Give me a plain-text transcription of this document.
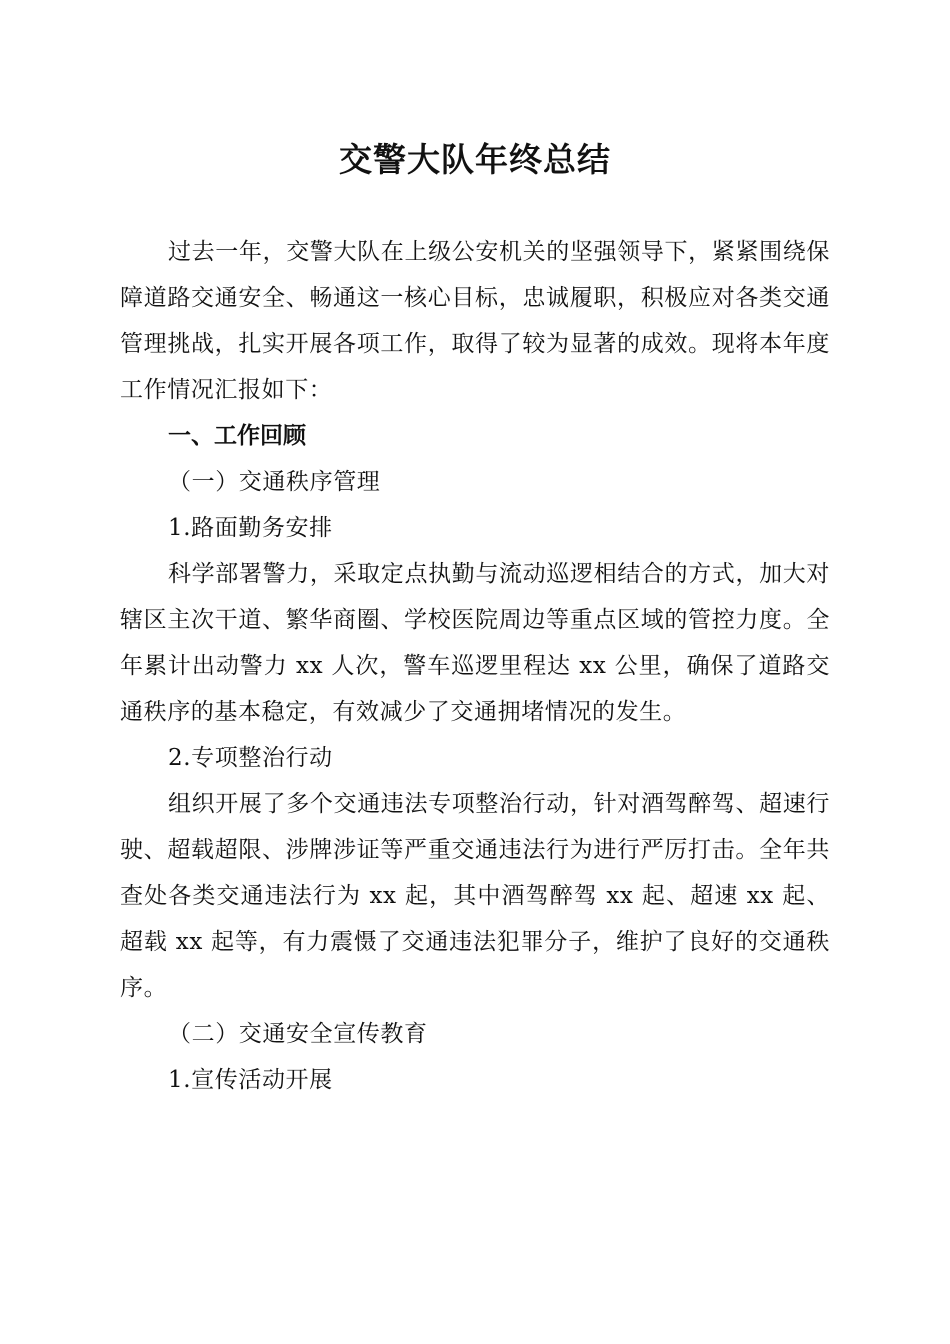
交警大队年终总结

过去一年，交警大队在上级公安机关的坚强领导下，紧紧围绕保障道路交通安全、畅通这一核心目标，忠诚履职，积极应对各类交通管理挑战，扎实开展各项工作，取得了较为显著的成效。现将本年度工作情况汇报如下：

一、工作回顾

（一）交通秩序管理

1.路面勤务安排

科学部署警力，采取定点执勤与流动巡逻相结合的方式，加大对辖区主次干道、繁华商圈、学校医院周边等重点区域的管控力度。全年累计出动警力 xx 人次，警车巡逻里程达 xx 公里，确保了道路交通秩序的基本稳定，有效减少了交通拥堵情况的发生。

2.专项整治行动

组织开展了多个交通违法专项整治行动，针对酒驾醉驾、超速行驶、超载超限、涉牌涉证等严重交通违法行为进行严厉打击。全年共查处各类交通违法行为 xx 起，其中酒驾醉驾 xx 起、超速 xx 起、超载 xx 起等，有力震慑了交通违法犯罪分子，维护了良好的交通秩序。

（二）交通安全宣传教育

1.宣传活动开展
